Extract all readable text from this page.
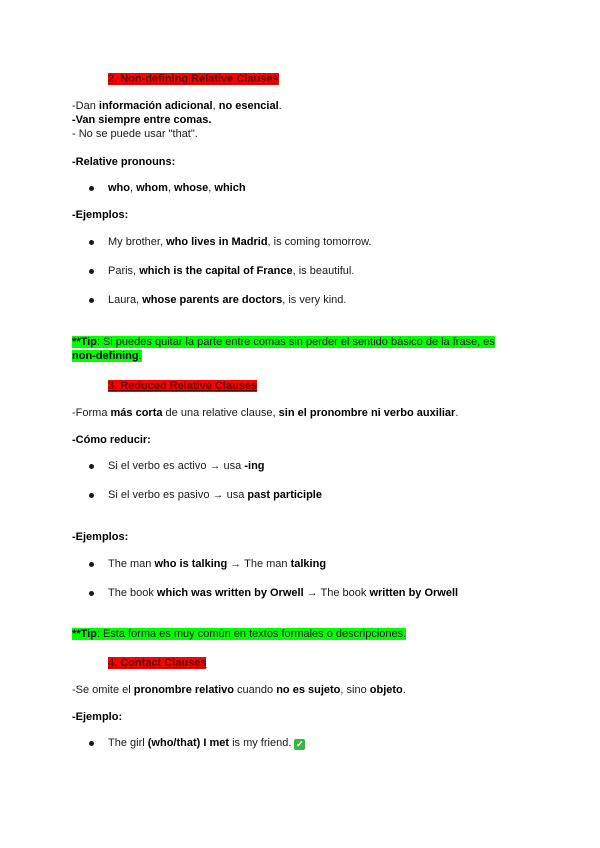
2. Non-defining Relative Clauses
-Dan información adicional, no esencial.
-Van siempre entre comas.
- No se puede usar "that".
-Relative pronouns:
who, whom, whose, which
-Ejemplos:
My brother, who lives in Madrid, is coming tomorrow.
Paris, which is the capital of France, is beautiful.
Laura, whose parents are doctors, is very kind.
**Tip: Si puedes quitar la parte entre comas sin perder el sentido básico de la frase, es
non-defining.
3. Reduced Relative Clauses
-Forma más corta de una relative clause, sin el pronombre ni verbo auxiliar.
-Cómo reducir:
Si el verbo es activo → usa -ing
Si el verbo es pasivo → usa past participle
-Ejemplos:
The man who is talking → The man talking
The book which was written by Orwell → The book written by Orwell
**Tip: Esta forma es muy común en textos formales o descripciones.
4. Contact Clauses
-Se omite el pronombre relativo cuando no es sujeto, sino objeto.
-Ejemplo:
The girl (who/that) I met is my friend. ✓
